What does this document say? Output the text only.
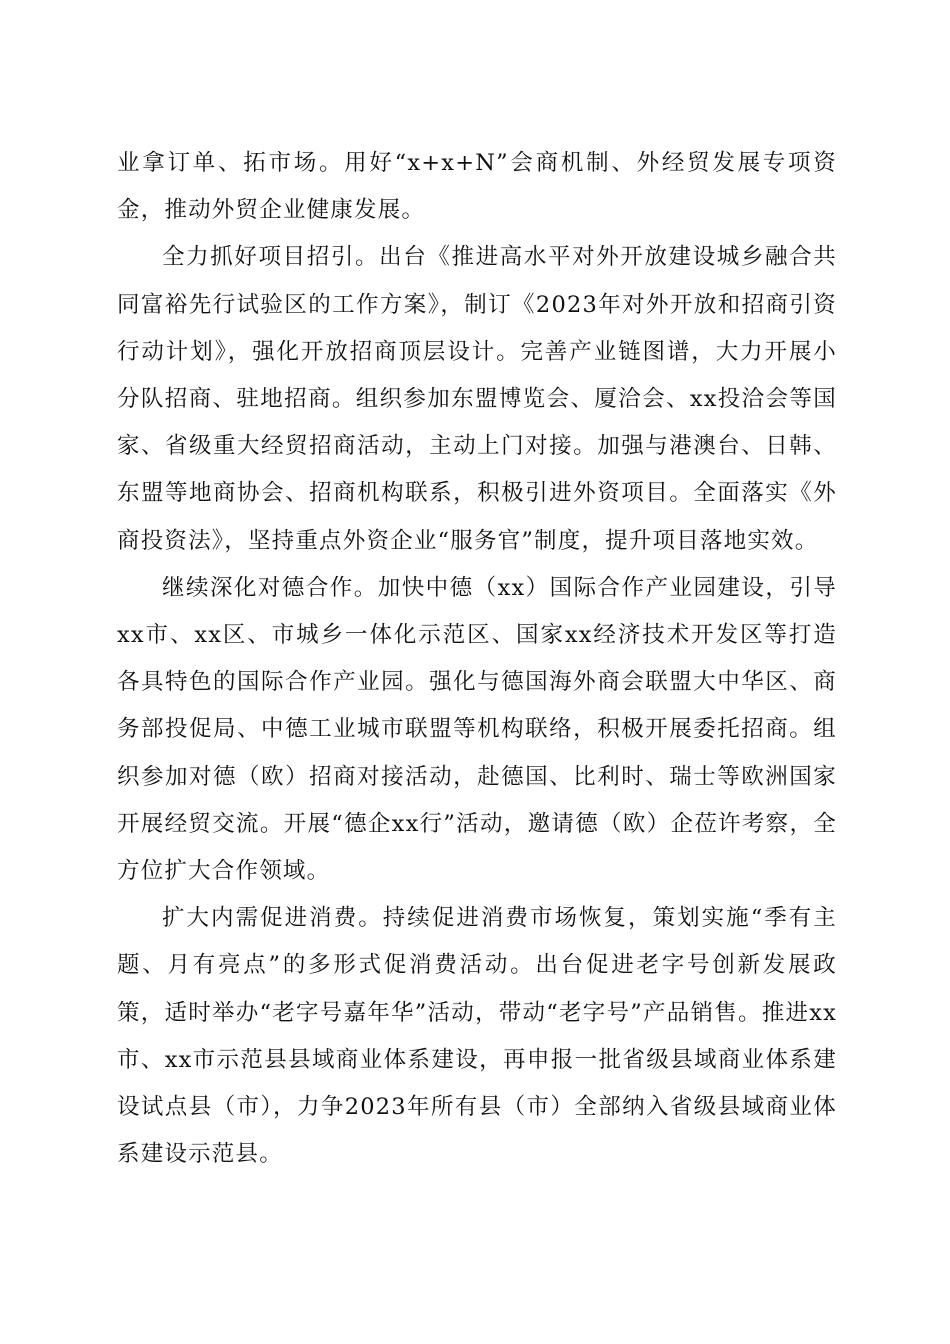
业拿订单、拓市场。用好“x+x+N”会商机制、外经贸发展专项资金，推动外贸企业健康发展。

全力抓好项目招引。出台《推进高水平对外开放建设城乡融合共同富裕先行试验区的工作方案》，制订《2023年对外开放和招商引资行动计划》，强化开放招商顶层设计。完善产业链图谱，大力开展小分队招商、驻地招商。组织参加东盟博览会、厦洽会、xx投洽会等国家、省级重大经贸招商活动，主动上门对接。加强与港澳台、日韩、东盟等地商协会、招商机构联系，积极引进外资项目。全面落实《外商投资法》，坚持重点外资企业“服务官”制度，提升项目落地实效。

继续深化对德合作。加快中德（xx）国际合作产业园建设，引导xx市、xx区、市城乡一体化示范区、国家xx经济技术开发区等打造各具特色的国际合作产业园。强化与德国海外商会联盟大中华区、商务部投促局、中德工业城市联盟等机构联络，积极开展委托招商。组织参加对德（欧）招商对接活动，赴德国、比利时、瑞士等欧洲国家开展经贸交流。开展“德企xx行”活动，邀请德（欧）企莅许考察，全方位扩大合作领域。

扩大内需促进消费。持续促进消费市场恢复，策划实施“季有主题、月有亮点”的多形式促消费活动。出台促进老字号创新发展政策，适时举办“老字号嘉年华”活动，带动“老字号”产品销售。推进xx市、xx市示范县县域商业体系建设，再申报一批省级县域商业体系建设试点县（市），力争2023年所有县（市）全部纳入省级县域商业体系建设示范县。
